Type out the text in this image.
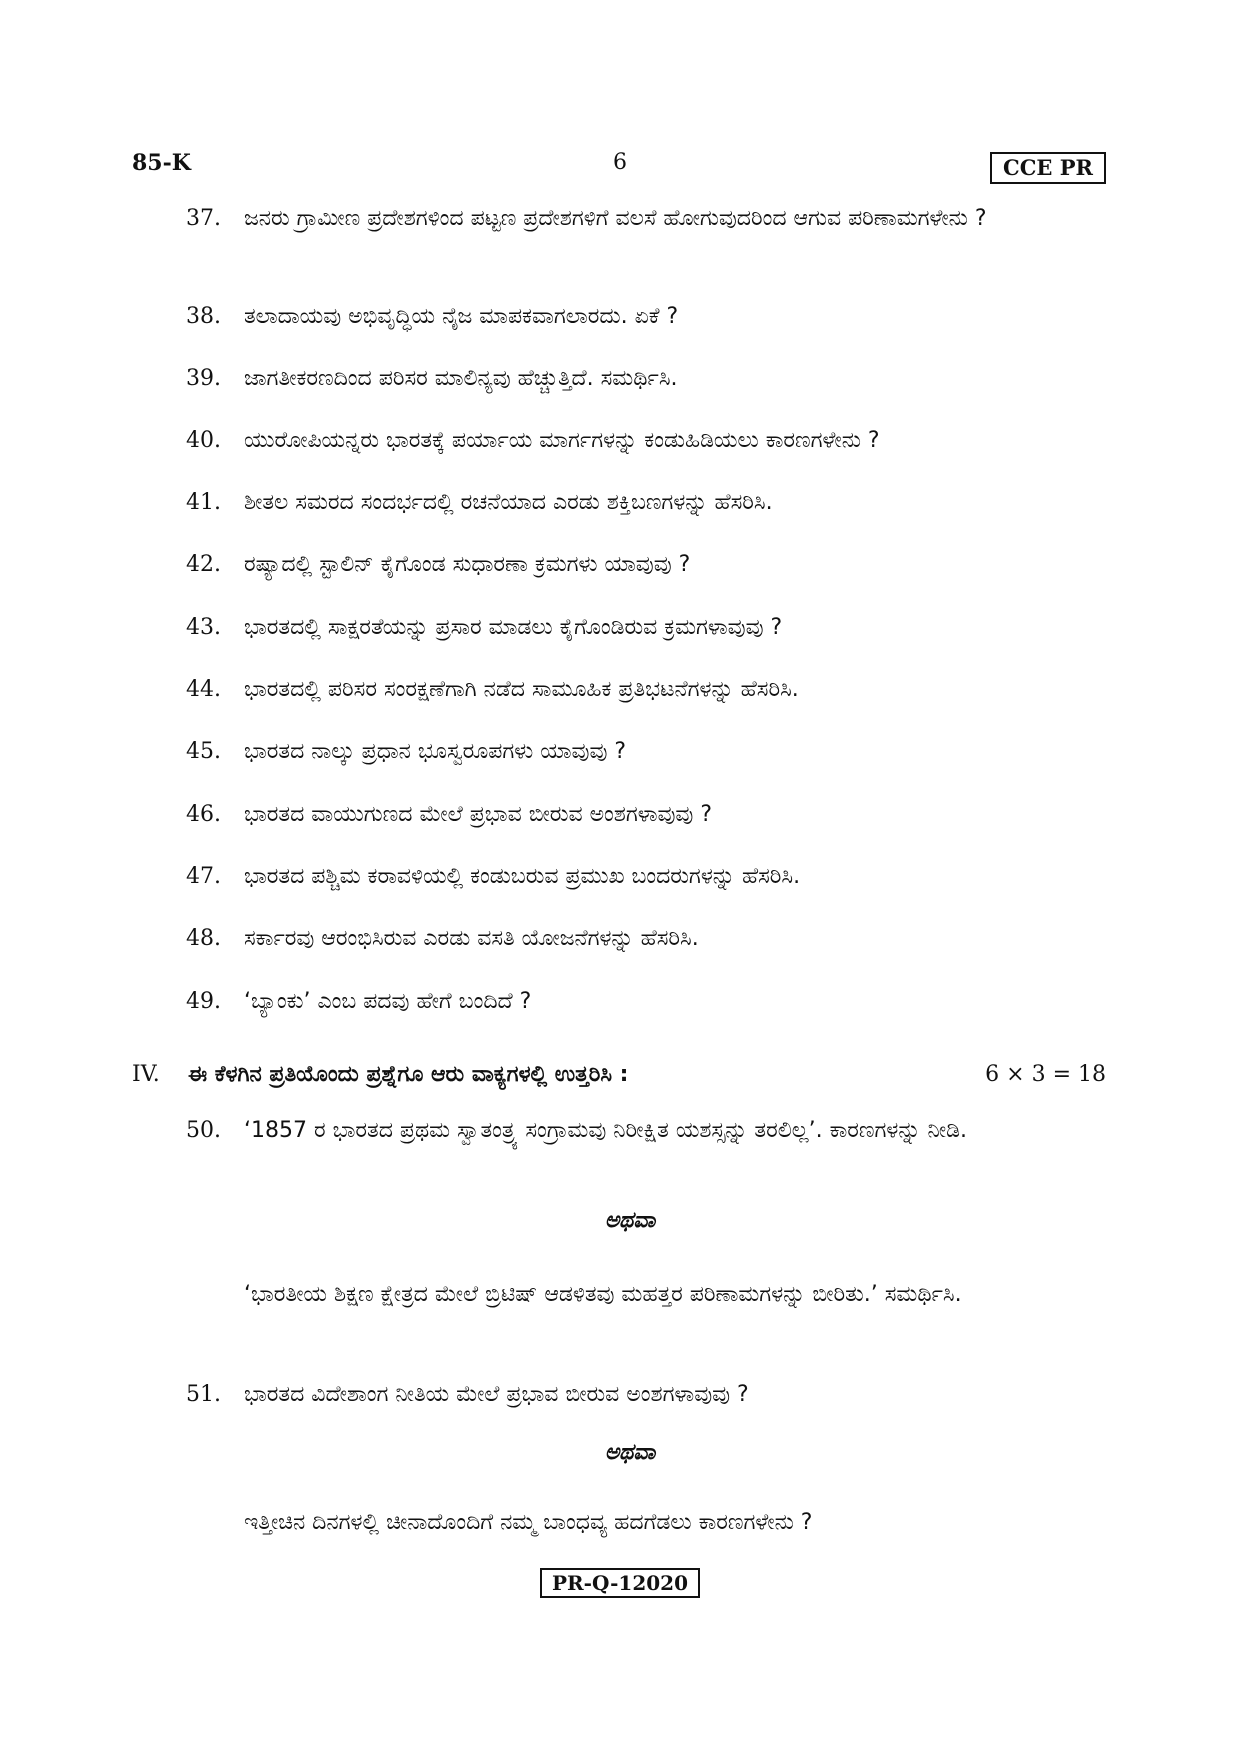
85-K	6	CCE PR
37.	ಜನರು ಗ್ರಾಮೀಣ ಪ್ರದೇಶಗಳಿಂದ ಪಟ್ಟಣ ಪ್ರದೇಶಗಳಿಗೆ ವಲಸೆ ಹೋಗುವುದರಿಂದ ಆಗುವ ಪರಿಣಾಮಗಳೇನು ?
38.	ತಲಾದಾಯವು ಅಭಿವೃದ್ಧಿಯ ನೈಜ ಮಾಪಕವಾಗಲಾರದು. ಏಕೆ ?
39.	ಜಾಗತೀಕರಣದಿಂದ ಪರಿಸರ ಮಾಲಿನ್ಯವು ಹೆಚ್ಚುತ್ತಿದೆ. ಸಮರ್ಥಿಸಿ.
40.	ಯುರೋಪಿಯನ್ನರು ಭಾರತಕ್ಕೆ ಪರ್ಯಾಯ ಮಾರ್ಗಗಳನ್ನು ಕಂಡುಹಿಡಿಯಲು ಕಾರಣಗಳೇನು ?
41.	ಶೀತಲ ಸಮರದ ಸಂದರ್ಭದಲ್ಲಿ ರಚನೆಯಾದ ಎರಡು ಶಕ್ತಿಬಣಗಳನ್ನು ಹೆಸರಿಸಿ.
42.	ರಷ್ಯಾದಲ್ಲಿ ಸ್ಟಾಲಿನ್ ಕೈಗೊಂಡ ಸುಧಾರಣಾ ಕ್ರಮಗಳು ಯಾವುವು ?
43.	ಭಾರತದಲ್ಲಿ ಸಾಕ್ಷರತೆಯನ್ನು ಪ್ರಸಾರ ಮಾಡಲು ಕೈಗೊಂಡಿರುವ ಕ್ರಮಗಳಾವುವು ?
44.	ಭಾರತದಲ್ಲಿ ಪರಿಸರ ಸಂರಕ್ಷಣೆಗಾಗಿ ನಡೆದ ಸಾಮೂಹಿಕ ಪ್ರತಿಭಟನೆಗಳನ್ನು ಹೆಸರಿಸಿ.
45.	ಭಾರತದ ನಾಲ್ಕು ಪ್ರಧಾನ ಭೂಸ್ವರೂಪಗಳು ಯಾವುವು ?
46.	ಭಾರತದ ವಾಯುಗುಣದ ಮೇಲೆ ಪ್ರಭಾವ ಬೀರುವ ಅಂಶಗಳಾವುವು ?
47.	ಭಾರತದ ಪಶ್ಚಿಮ ಕರಾವಳಿಯಲ್ಲಿ ಕಂಡುಬರುವ ಪ್ರಮುಖ ಬಂದರುಗಳನ್ನು ಹೆಸರಿಸಿ.
48.	ಸರ್ಕಾರವು ಆರಂಭಿಸಿರುವ ಎರಡು ವಸತಿ ಯೋಜನೆಗಳನ್ನು ಹೆಸರಿಸಿ.
49.	‘ಬ್ಯಾಂಕು’ ಎಂಬ ಪದವು ಹೇಗೆ ಬಂದಿದೆ ?
IV. ಈ ಕೆಳಗಿನ ಪ್ರತಿಯೊಂದು ಪ್ರಶ್ನೆಗೂ ಆರು ವಾಕ್ಯಗಳಲ್ಲಿ ಉತ್ತರಿಸಿ :	6 × 3 = 18
50.	‘1857 ರ ಭಾರತದ ಪ್ರಥಮ ಸ್ವಾತಂತ್ರ್ಯ ಸಂಗ್ರಾಮವು ನಿರೀಕ್ಷಿತ ಯಶಸ್ಸನ್ನು ತರಲಿಲ್ಲ’. ಕಾರಣಗಳನ್ನು ನೀಡಿ.
ಅಥವಾ
‘ಭಾರತೀಯ ಶಿಕ್ಷಣ ಕ್ಷೇತ್ರದ ಮೇಲೆ ಬ್ರಿಟಿಷ್ ಆಡಳಿತವು ಮಹತ್ತರ ಪರಿಣಾಮಗಳನ್ನು ಬೀರಿತು.’ ಸಮರ್ಥಿಸಿ.
51.	ಭಾರತದ ವಿದೇಶಾಂಗ ನೀತಿಯ ಮೇಲೆ ಪ್ರಭಾವ ಬೀರುವ ಅಂಶಗಳಾವುವು ?
ಅಥವಾ
ಇತ್ತೀಚಿನ ದಿನಗಳಲ್ಲಿ ಚೀನಾದೊಂದಿಗೆ ನಮ್ಮ ಬಾಂಧವ್ಯ ಹದಗೆಡಲು ಕಾರಣಗಳೇನು ?
PR-Q-12020
